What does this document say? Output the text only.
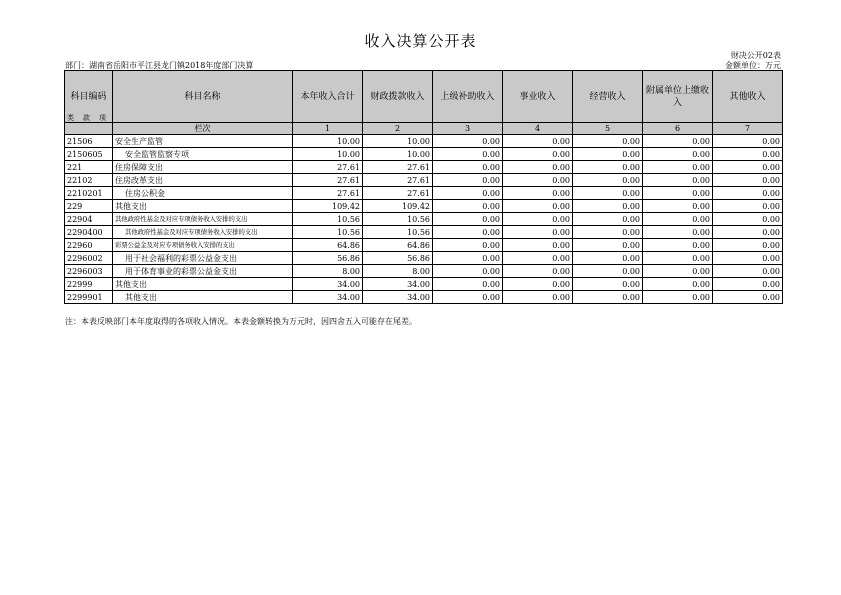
收入决算公开表
财决公开02表
部门：湖南省岳阳市平江县龙门镇2018年度部门决算	金额单位：万元
科目编码
类 款 项	科目名称	本年收入合计	财政拨款收入	上级补助收入	事业收入	经营收入	附属单位上缴收入	其他收入
	栏次	1	2	3	4	5	6	7
21506	安全生产监管	10.00	10.00	0.00	0.00	0.00	0.00	0.00
2150605	安全监管监察专项	10.00	10.00	0.00	0.00	0.00	0.00	0.00
221	住房保障支出	27.61	27.61	0.00	0.00	0.00	0.00	0.00
22102	住房改革支出	27.61	27.61	0.00	0.00	0.00	0.00	0.00
2210201	住房公积金	27.61	27.61	0.00	0.00	0.00	0.00	0.00
229	其他支出	109.42	109.42	0.00	0.00	0.00	0.00	0.00
22904	其他政府性基金及对应专项债务收入安排的支出	10.56	10.56	0.00	0.00	0.00	0.00	0.00
2290400	其他政府性基金及对应专项债务收入安排的支出	10.56	10.56	0.00	0.00	0.00	0.00	0.00
22960	彩票公益金及对应专项债务收入安排的支出	64.86	64.86	0.00	0.00	0.00	0.00	0.00
2296002	用于社会福利的彩票公益金支出	56.86	56.86	0.00	0.00	0.00	0.00	0.00
2296003	用于体育事业的彩票公益金支出	8.00	8.00	0.00	0.00	0.00	0.00	0.00
22999	其他支出	34.00	34.00	0.00	0.00	0.00	0.00	0.00
2299901	其他支出	34.00	34.00	0.00	0.00	0.00	0.00	0.00
注：本表反映部门本年度取得的各项收入情况。本表金额转换为万元时，因四舍五入可能存在尾差。
